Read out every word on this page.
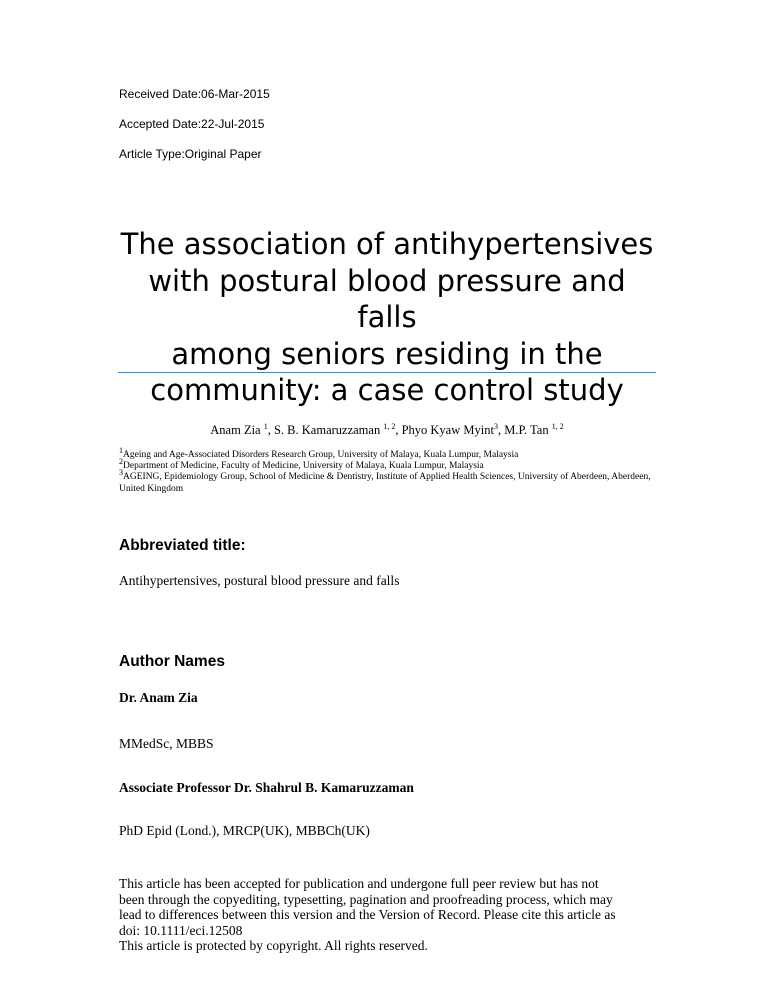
Received Date:06-Mar-2015
Accepted Date:22-Jul-2015
Article Type:Original Paper
The association of antihypertensives
with postural blood pressure and falls
among seniors residing in the
community: a case control study
Anam Zia $^1$, S. B. Kamaruzzaman $^{1, 2}$, Phyo Kyaw Myint$^3$, M.P. Tan $^{1, 2}$
$^1$Ageing and Age-Associated Disorders Research Group, University of Malaya, Kuala Lumpur, Malaysia
$^2$Department of Medicine, Faculty of Medicine, University of Malaya, Kuala Lumpur, Malaysia
$^3$AGEING, Epidemiology Group, School of Medicine & Dentistry, Institute of Applied Health Sciences, University of Aberdeen, Aberdeen, United Kingdom
Abbreviated title:
Antihypertensives, postural blood pressure and falls
Author Names
Dr. Anam Zia
MMedSc, MBBS
Associate Professor Dr. Shahrul B. Kamaruzzaman
PhD Epid (Lond.), MRCP(UK), MBBCh(UK)
This article has been accepted for publication and undergone full peer review but has not
been through the copyediting, typesetting, pagination and proofreading process, which may
lead to differences between this version and the Version of Record. Please cite this article as
doi: 10.1111/eci.12508
This article is protected by copyright. All rights reserved.
